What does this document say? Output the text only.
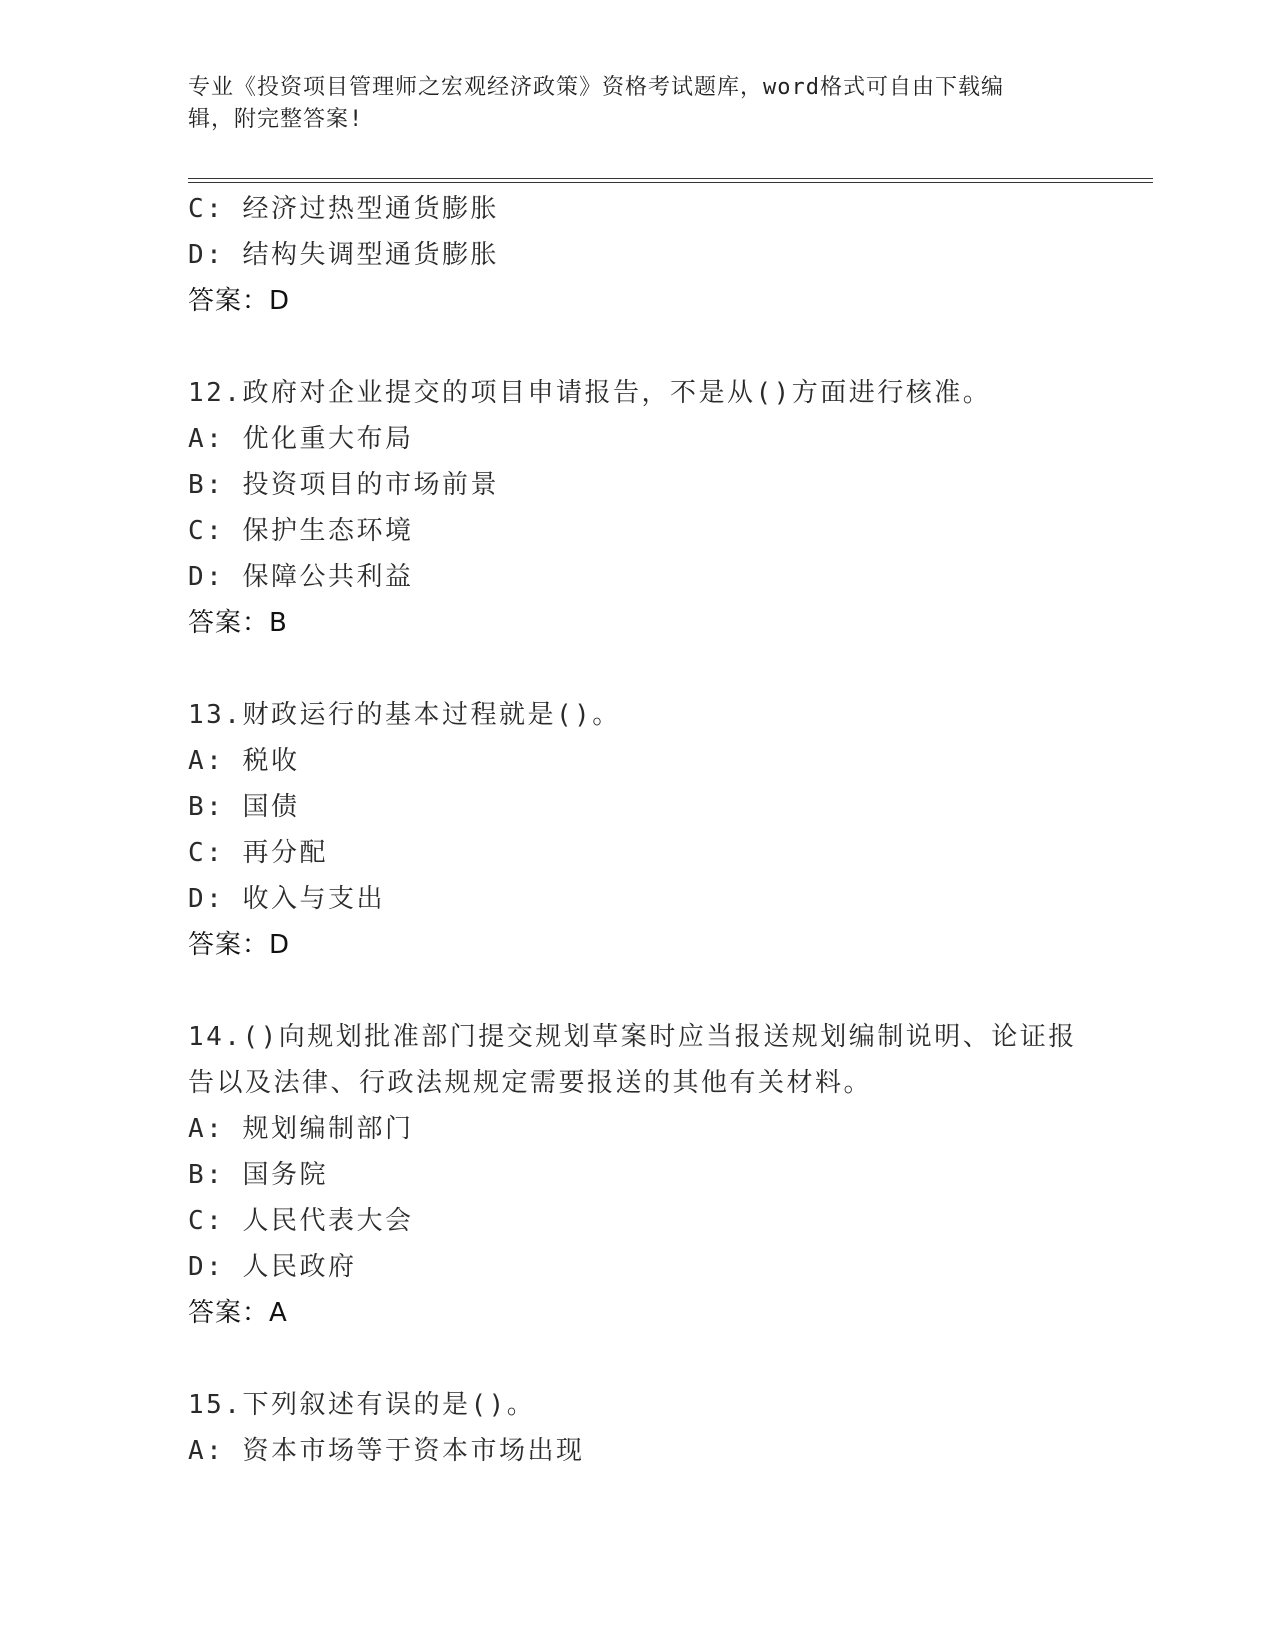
专业《投资项目管理师之宏观经济政策》资格考试题库，word格式可自由下载编
辑，附完整答案!
C: 经济过热型通货膨胀
D: 结构失调型通货膨胀
答案：D
12.政府对企业提交的项目申请报告，不是从()方面进行核准。
A: 优化重大布局
B: 投资项目的市场前景
C: 保护生态环境
D: 保障公共利益
答案：B
13.财政运行的基本过程就是()。
A: 税收
B: 国债
C: 再分配
D: 收入与支出
答案：D
14.()向规划批准部门提交规划草案时应当报送规划编制说明、论证报
告以及法律、行政法规规定需要报送的其他有关材料。
A: 规划编制部门
B: 国务院
C: 人民代表大会
D: 人民政府
答案：A
15.下列叙述有误的是()。
A: 资本市场等于资本市场出现
